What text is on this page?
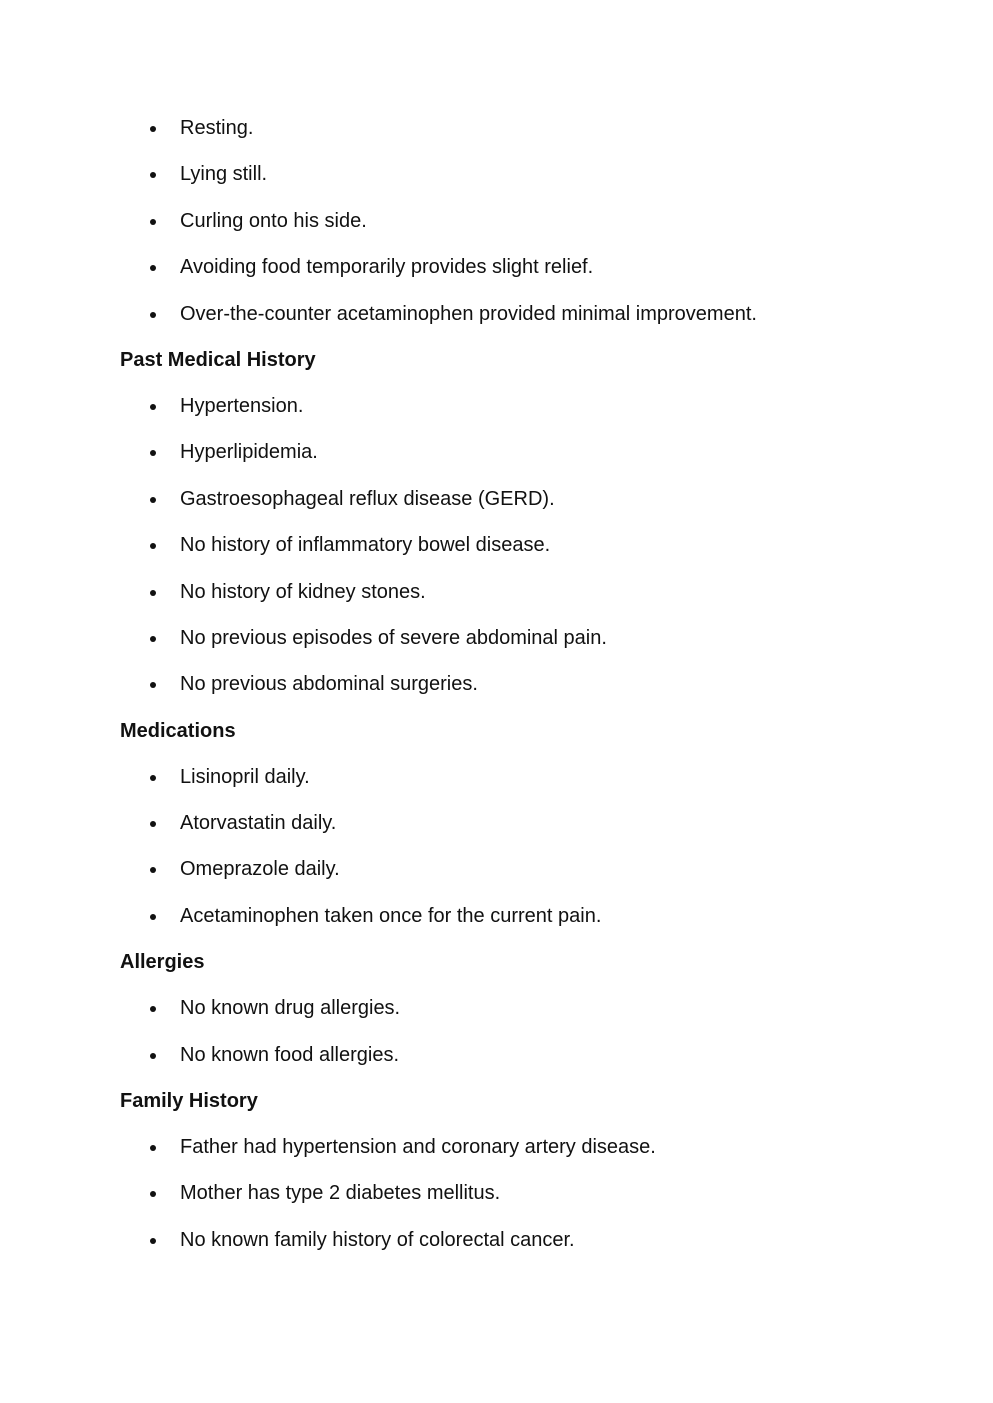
Resting.
Lying still.
Curling onto his side.
Avoiding food temporarily provides slight relief.
Over-the-counter acetaminophen provided minimal improvement.
Past Medical History
Hypertension.
Hyperlipidemia.
Gastroesophageal reflux disease (GERD).
No history of inflammatory bowel disease.
No history of kidney stones.
No previous episodes of severe abdominal pain.
No previous abdominal surgeries.
Medications
Lisinopril daily.
Atorvastatin daily.
Omeprazole daily.
Acetaminophen taken once for the current pain.
Allergies
No known drug allergies.
No known food allergies.
Family History
Father had hypertension and coronary artery disease.
Mother has type 2 diabetes mellitus.
No known family history of colorectal cancer.
